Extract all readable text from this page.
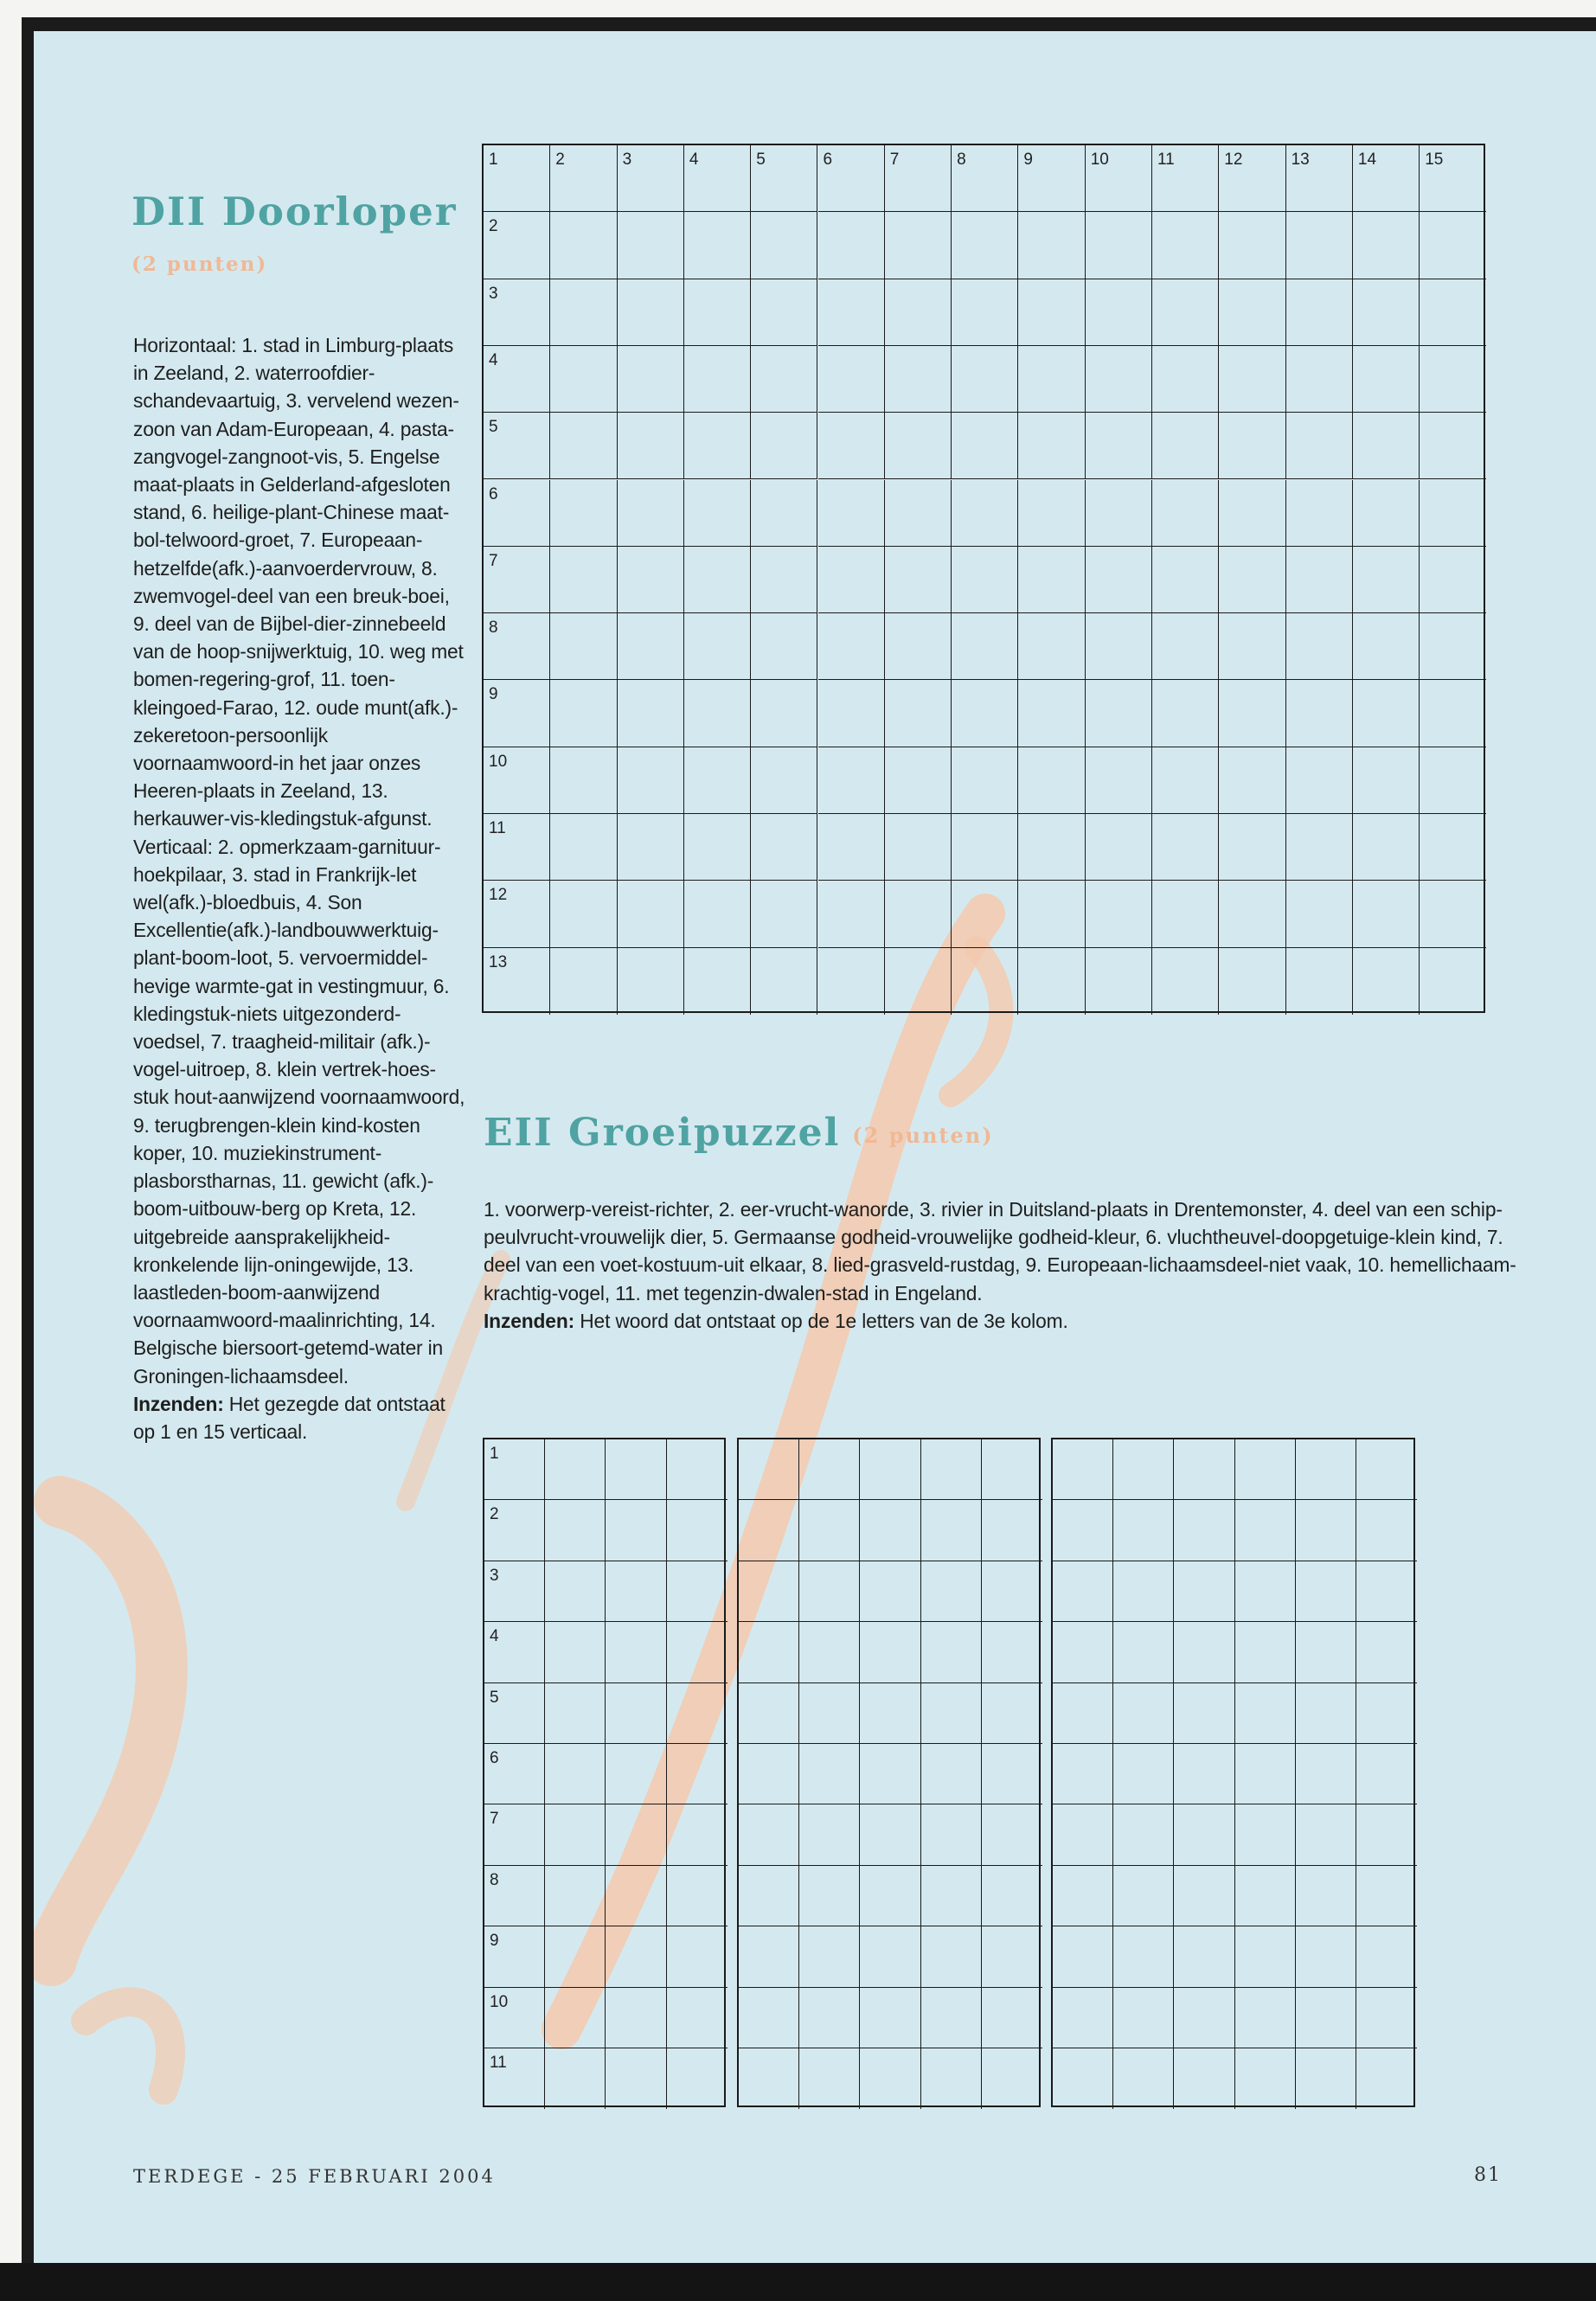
DII Doorloper

(2 punten)

Horizontaal: 1. stad in Limburg-plaats in Zeeland, 2. waterroofdier-schandevaartuig, 3. vervelend wezen-zoon van Adam-Europeaan, 4. pasta-zangvogel-zangnoot-vis, 5. Engelse maat-plaats in Gelderland-afgesloten stand, 6. heilige-plant-Chinese maat-bol-telwoord-groet, 7. Europeaan-hetzelfde(afk.)-aanvoerdervrouw, 8. zwemvogel-deel van een breuk-boei, 9. deel van de Bijbel-dier-zinnebeeld van de hoop-snijwerktuig, 10. weg met bomen-regering-grof, 11. toen-kleingoed-Farao, 12. oude munt(afk.)-zekeretoon-persoonlijk voornaamwoord-in het jaar onzes Heeren-plaats in Zeeland, 13. herkauwer-vis-kledingstuk-afgunst.
Verticaal: 2. opmerkzaam-garnituur-hoekpilaar, 3. stad in Frankrijk-let wel(afk.)-bloedbuis, 4. Son Excellentie(afk.)-landbouwwerktuig-plant-boom-loot, 5. vervoermiddel-hevige warmte-gat in vestingmuur, 6. kledingstuk-niets uitgezonderd-voedsel, 7. traagheid-militair (afk.)-vogel-uitroep, 8. klein vertrek-hoes-stuk hout-aanwijzend voornaamwoord, 9. terugbrengen-klein kind-kosten koper, 10. muziekinstrument-plasborstharnas, 11. gewicht (afk.)-boom-uitbouw-berg op Kreta, 12. uitgebreide aansprakelijkheid-kronkelende lijn-oningewijde, 13. laastleden-boom-aanwijzend voornaamwoord-maalinrichting, 14. Belgische biersoort-getemd-water in Groningen-lichaamsdeel.
Inzenden: Het gezegde dat ontstaat op 1 en 15 verticaal.

1	2	3	4	5	6	7	8	9	10	11	12	13	14	15
2
3
4
5
6
7
8
9
10
11
12
13
EII Groeipuzzel (2 punten)

1. voorwerp-vereist-richter, 2. eer-vrucht-wanorde, 3. rivier in Duitsland-plaats in Drentemonster, 4. deel van een schip-peulvrucht-vrouwelijk dier, 5. Germaanse godheid-vrouwelijke godheid-kleur, 6. vluchtheuvel-doopgetuige-klein kind, 7. deel van een voet-kostuum-uit elkaar, 8. lied-grasveld-rustdag, 9. Europeaan-lichaamsdeel-niet vaak, 10. hemellichaam-krachtig-vogel, 11. met tegenzin-dwalen-stad in Engeland.
Inzenden: Het woord dat ontstaat op de 1e letters van de 3e kolom.

1
2
3
4
5
6
7
8
9
10
11

TERDEGE - 25 FEBRUARI 2004	81
